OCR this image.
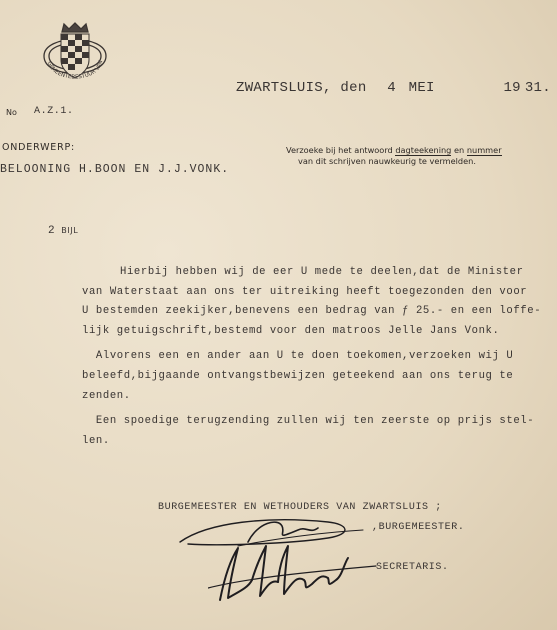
GEMEENTEBESTUUR VAN
ZWARTSLUIS, den 4 MEI	19 31.
No A.Z.1.
ONDERWERP:
BELOONING H.BOON EN J.J.VONK.
Verzoeke bij het antwoord dagteekening en nummer
van dit schrijven nauwkeurig te vermelden.
2 BIJL
Hierbij hebben wij de eer U mede te deelen,dat de Minister
van Waterstaat aan ons ter uitreiking heeft toegezonden den voor
U bestemden zeekijker,benevens een bedrag van ƒ 25.- en een loffe-
lijk getuigschrift,bestemd voor den matroos Jelle Jans Vonk.
Alvorens een en ander aan U te doen toekomen,verzoeken wij U
beleefd,bijgaande ontvangstbewijzen geteekend aan ons terug te
zenden.
Een spoedige terugzending zullen wij ten zeerste op prijs stel-
len.
BURGEMEESTER EN WETHOUDERS VAN ZWARTSLUIS ;
,BURGEMEESTER.
SECRETARIS.
